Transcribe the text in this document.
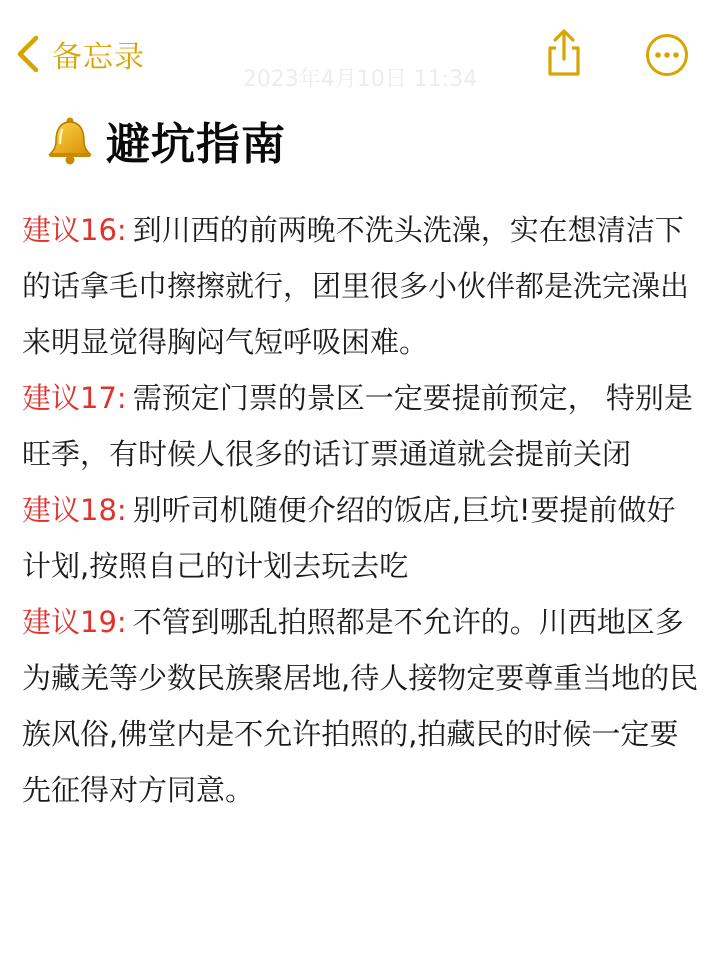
备忘录
2023年4月10日 11:34
避坑指南

建议16: 到川西的前两晚不洗头洗澡，实在想清洁下的话拿毛巾擦擦就行，团里很多小伙伴都是洗完澡出来明显觉得胸闷气短呼吸困难。

建议17: 需预定门票的景区一定要提前预定， 特别是旺季，有时候人很多的话订票通道就会提前关闭

建议18: 别听司机随便介绍的饭店,巨坑!要提前做好计划,按照自己的计划去玩去吃

建议19: 不管到哪乱拍照都是不允许的。川西地区多为藏羌等少数民族聚居地,待人接物定要尊重当地的民族风俗,佛堂内是不允许拍照的,拍藏民的时候一定要先征得对方同意。
